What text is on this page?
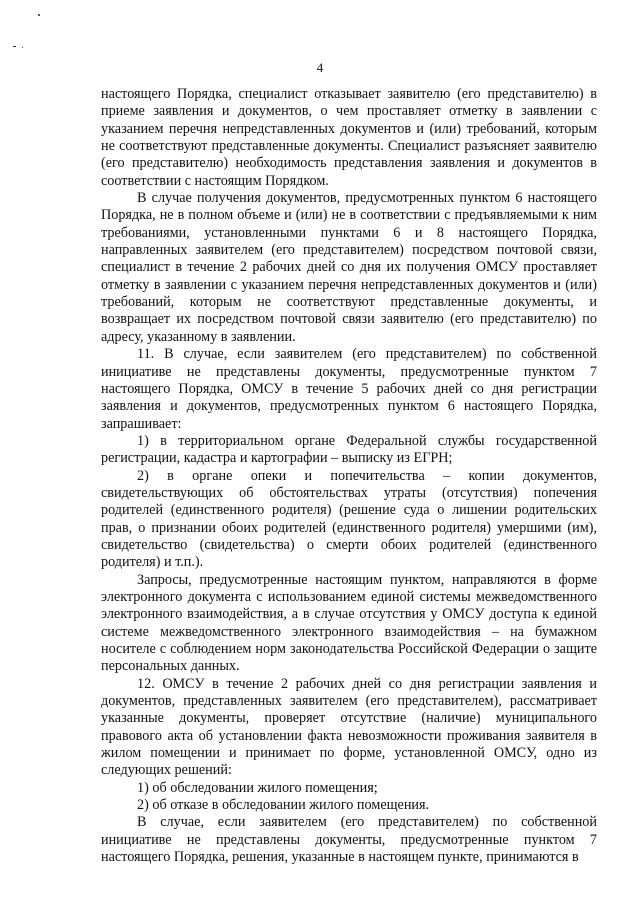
4

настоящего Порядка, специалист отказывает заявителю (его представителю) в приеме заявления и документов, о чем проставляет отметку в заявлении с указанием перечня непредставленных документов и (или) требований, которым не соответствуют представленные документы. Специалист разъясняет заявителю (его представителю) необходимость представления заявления и документов в соответствии с настоящим Порядком.

В случае получения документов, предусмотренных пунктом 6 настоящего Порядка, не в полном объеме и (или) не в соответствии с предъявляемыми к ним требованиями, установленными пунктами 6 и 8 настоящего Порядка, направленных заявителем (его представителем) посредством почтовой связи, специалист в течение 2 рабочих дней со дня их получения ОМСУ проставляет отметку в заявлении с указанием перечня непредставленных документов и (или) требований, которым не соответствуют представленные документы, и возвращает их посредством почтовой связи заявителю (его представителю) по адресу, указанному в заявлении.

11. В случае, если заявителем (его представителем) по собственной инициативе не представлены документы, предусмотренные пунктом 7 настоящего Порядка, ОМСУ в течение 5 рабочих дней со дня регистрации заявления и документов, предусмотренных пунктом 6 настоящего Порядка, запрашивает:

1) в территориальном органе Федеральной службы государственной регистрации, кадастра и картографии – выписку из ЕГРН;

2) в органе опеки и попечительства – копии документов, свидетельствующих об обстоятельствах утраты (отсутствия) попечения родителей (единственного родителя) (решение суда о лишении родительских прав, о признании обоих родителей (единственного родителя) умершими (им), свидетельство (свидетельства) о смерти обоих родителей (единственного родителя) и т.п.).

Запросы, предусмотренные настоящим пунктом, направляются в форме электронного документа с использованием единой системы межведомственного электронного взаимодействия, а в случае отсутствия у ОМСУ доступа к единой системе межведомственного электронного взаимодействия – на бумажном носителе с соблюдением норм законодательства Российской Федерации о защите персональных данных.

12. ОМСУ в течение 2 рабочих дней со дня регистрации заявления и документов, представленных заявителем (его представителем), рассматривает указанные документы, проверяет отсутствие (наличие) муниципального правового акта об установлении факта невозможности проживания заявителя в жилом помещении и принимает по форме, установленной ОМСУ, одно из следующих решений:

1) об обследовании жилого помещения;

2) об отказе в обследовании жилого помещения.

В случае, если заявителем (его представителем) по собственной инициативе не представлены документы, предусмотренные пунктом 7 настоящего Порядка, решения, указанные в настоящем пункте, принимаются в
